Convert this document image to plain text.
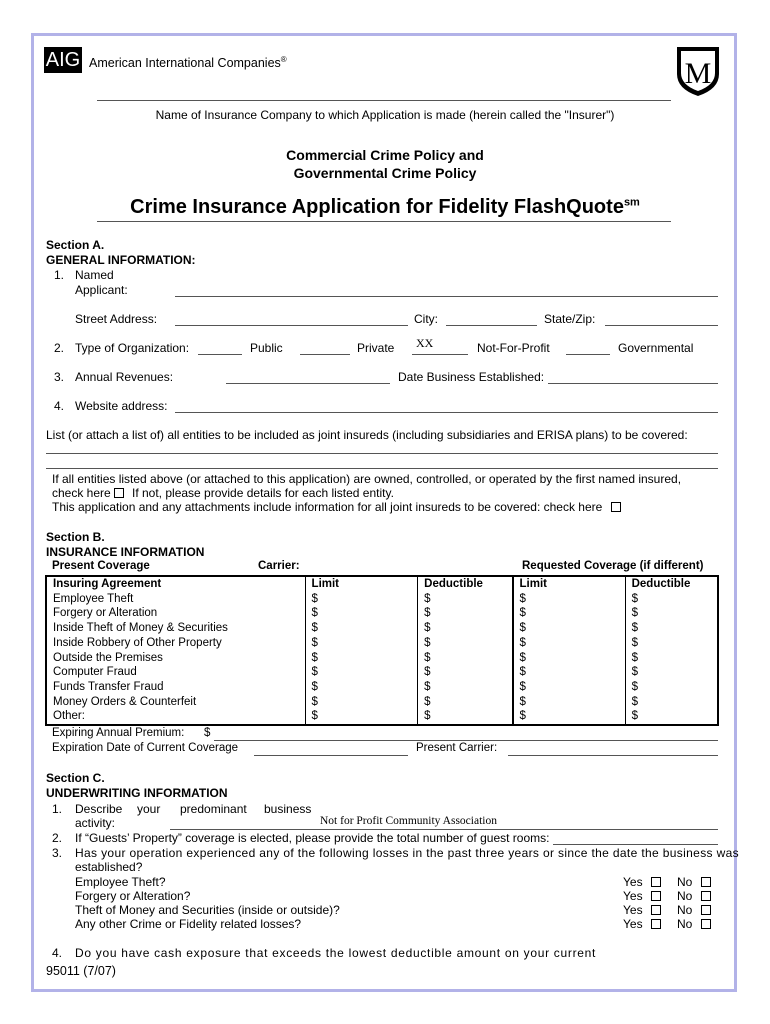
AIG American International Companies®	M
Name of Insurance Company to which Application is made (herein called the "Insurer")
Commercial Crime Policy and
Governmental Crime Policy
Crime Insurance Application for Fidelity FlashQuote$^{sm}$
Section A.
GENERAL INFORMATION:
1. Named
Applicant:
Street Address:	City:	State/Zip:
2. Type of Organization:	Public	Private XX	Not-For-Profit	Governmental
3. Annual Revenues:	Date Business Established:
4. Website address:
List (or attach a list of) all entities to be included as joint insureds (including subsidiaries and ERISA plans) to be covered:
If all entities listed above (or attached to this application) are owned, controlled, or operated by the first named insured,
check here If not, please provide details for each listed entity.
This application and any attachments include information for all joint insureds to be covered: check here
Section B.
INSURANCE INFORMATION
Present Coverage	Carrier:	Requested Coverage (if different)
Insuring Agreement	Limit	Deductible	Limit	Deductible
Employee Theft	$	$	$	$
Forgery or Alteration	$	$	$	$
Inside Theft of Money & Securities	$	$	$	$
Inside Robbery of Other Property	$	$	$	$
Outside the Premises	$	$	$	$
Computer Fraud	$	$	$	$
Funds Transfer Fraud	$	$	$	$
Money Orders & Counterfeit	$	$	$	$
Other:	$	$	$	$
Expiring Annual Premium: $
Expiration Date of Current Coverage	Present Carrier:
Section C.
UNDERWRITING INFORMATION
1. Describe your predominant business
activity:	Not for Profit Community Association
2. If “Guests’ Property” coverage is elected, please provide the total number of guest rooms:
3. Has your operation experienced any of the following losses in the past three years or since the date the business was
established?
Employee Theft?	Yes	No
Forgery or Alteration?	Yes	No
Theft of Money and Securities (inside or outside)?	Yes	No
Any other Crime or Fidelity related losses?	Yes	No
4. Do you have cash exposure that exceeds the lowest deductible amount on your current
95011 (7/07)
